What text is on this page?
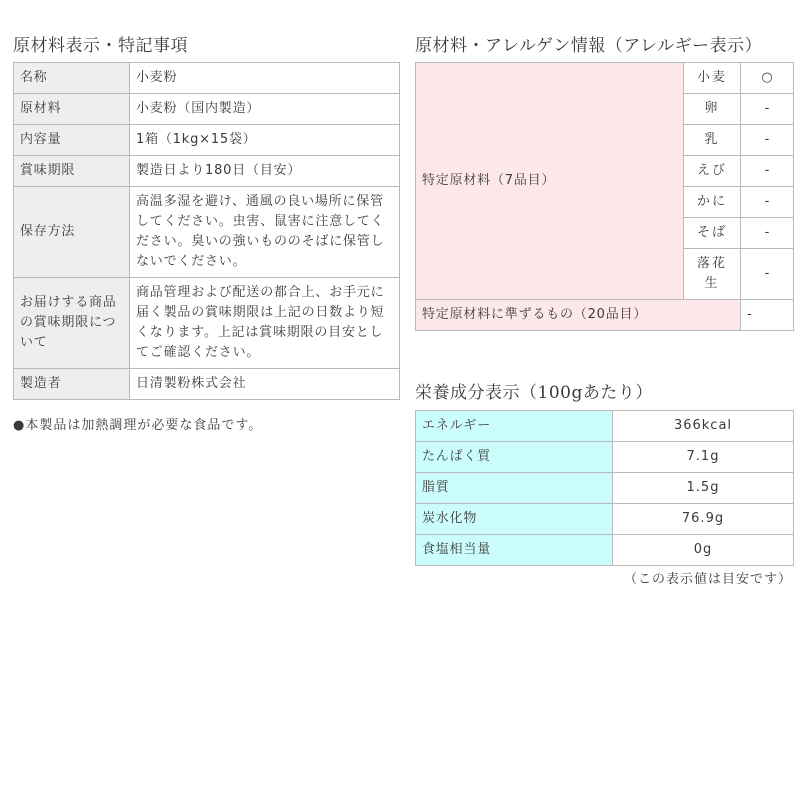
原材料表示・特記事項
名称	小麦粉
原材料	小麦粉（国内製造）
内容量	1箱（1kg×15袋）
賞味期限	製造日より180日（目安）
保存方法	高温多湿を避け、通風の良い場所に保管してください。虫害、鼠害に注意してください。臭いの強いもののそばに保管しないでください。
お届けする商品の賞味期限について	商品管理および配送の都合上、お手元に届く製品の賞味期限は上記の日数より短くなります。上記は賞味期限の目安としてご確認ください。
製造者	日清製粉株式会社
●本製品は加熱調理が必要な食品です。
原材料・アレルゲン情報（アレルギー表示）
特定原材料（7品目）	小麦	○
	卵	-
	乳	-
	えび	-
	かに	-
	そば	-
	落花生	-
特定原材料に準ずるもの（20品目）		-
栄養成分表示（100gあたり）
エネルギー	366kcal
たんぱく質	7.1g
脂質	1.5g
炭水化物	76.9g
食塩相当量	0g
（この表示値は目安です）
